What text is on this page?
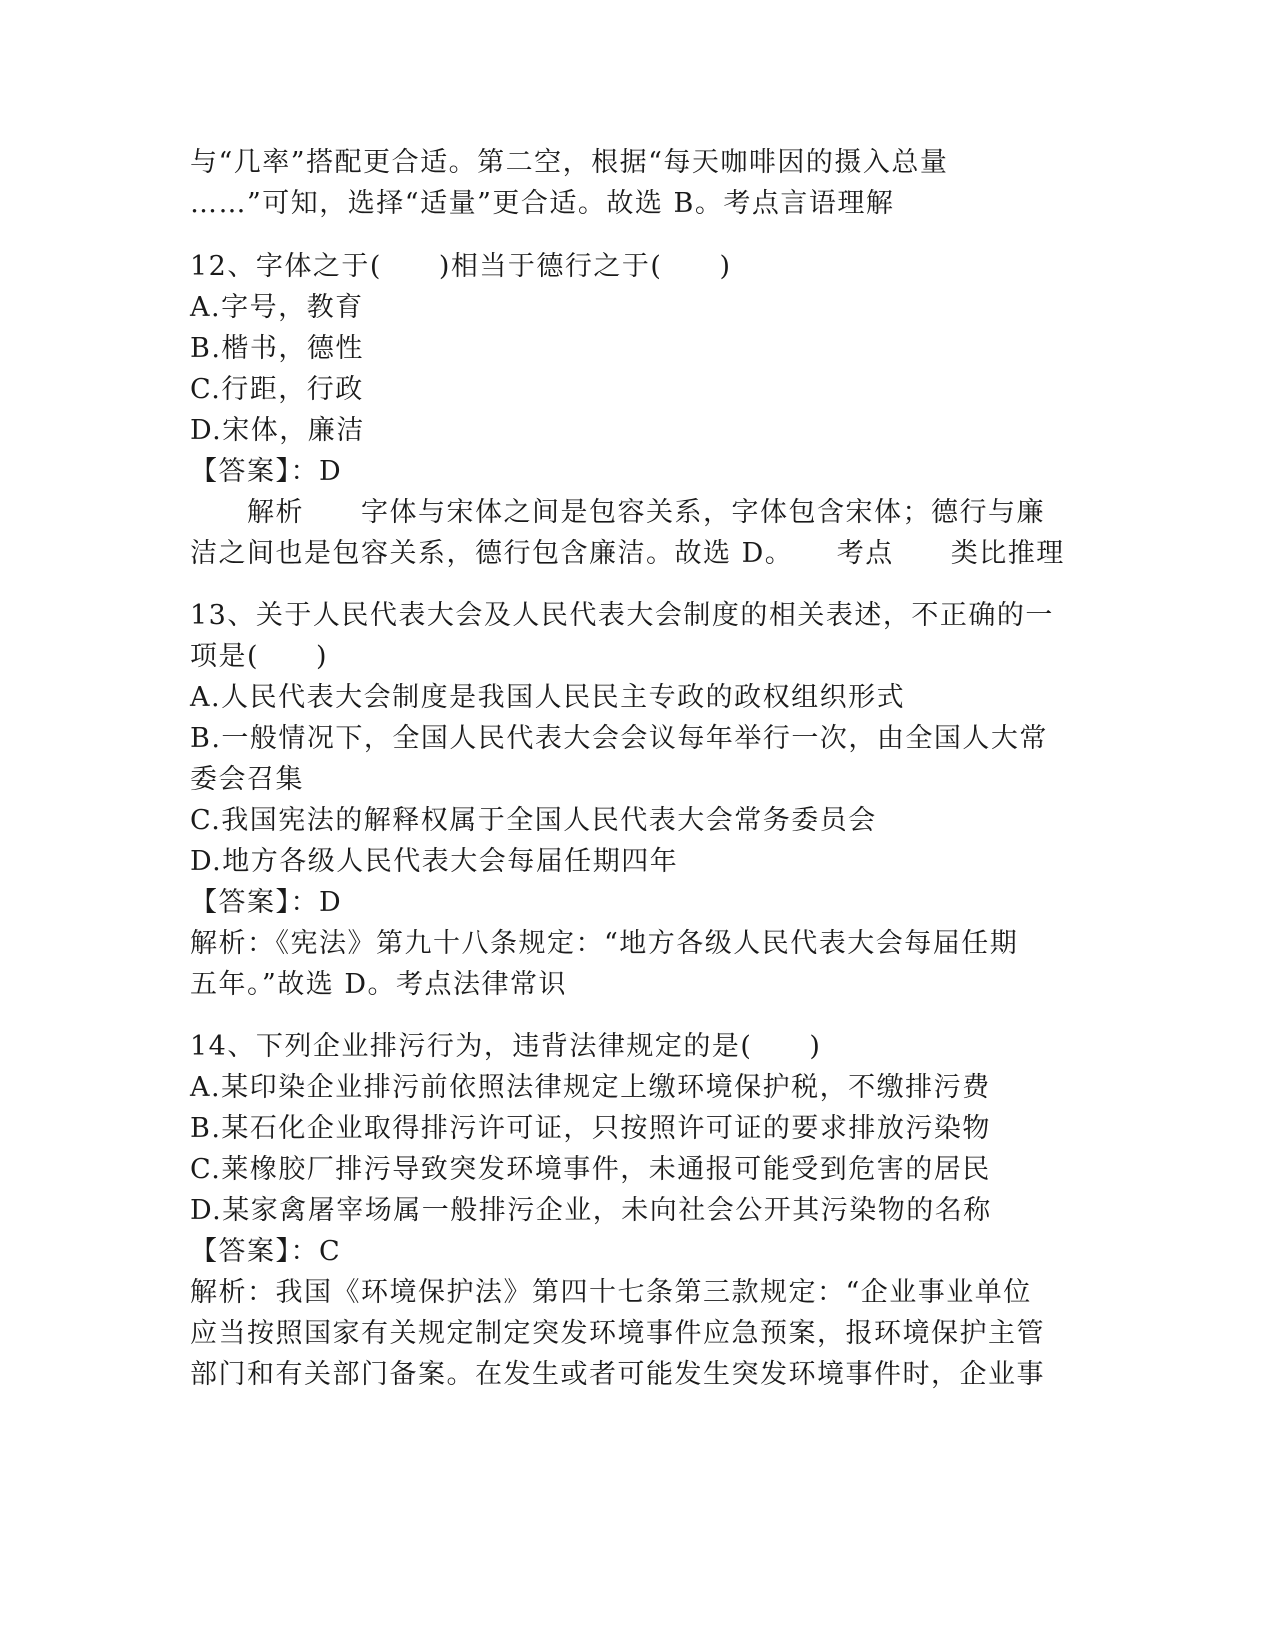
与“几率”搭配更合适。第二空，根据“每天咖啡因的摄入总量
……”可知，选择“适量”更合适。故选 B。考点言语理解
12、字体之于(　　)相当于德行之于(　　)
A.字号，教育
B.楷书，德性
C.行距，行政
D.宋体，廉洁
【答案】：D
　　解析　　字体与宋体之间是包容关系，字体包含宋体；德行与廉
洁之间也是包容关系，德行包含廉洁。故选 D。　　考点　　类比推理
13、关于人民代表大会及人民代表大会制度的相关表述，不正确的一
项是(　　)
A.人民代表大会制度是我国人民民主专政的政权组织形式
B.一般情况下，全国人民代表大会会议每年举行一次，由全国人大常
委会召集
C.我国宪法的解释权属于全国人民代表大会常务委员会
D.地方各级人民代表大会每届任期四年
【答案】：D
解析：《宪法》第九十八条规定：“地方各级人民代表大会每届任期
五年。”故选 D。考点法律常识
14、下列企业排污行为，违背法律规定的是(　　)
A.某印染企业排污前依照法律规定上缴环境保护税，不缴排污费
B.某石化企业取得排污许可证，只按照许可证的要求排放污染物
C.莱橡胶厂排污导致突发环境事件，未通报可能受到危害的居民
D.某家禽屠宰场属一般排污企业，未向社会公开其污染物的名称
【答案】：C
解析：我国《环境保护法》第四十七条第三款规定：“企业事业单位
应当按照国家有关规定制定突发环境事件应急预案，报环境保护主管
部门和有关部门备案。在发生或者可能发生突发环境事件时，企业事
